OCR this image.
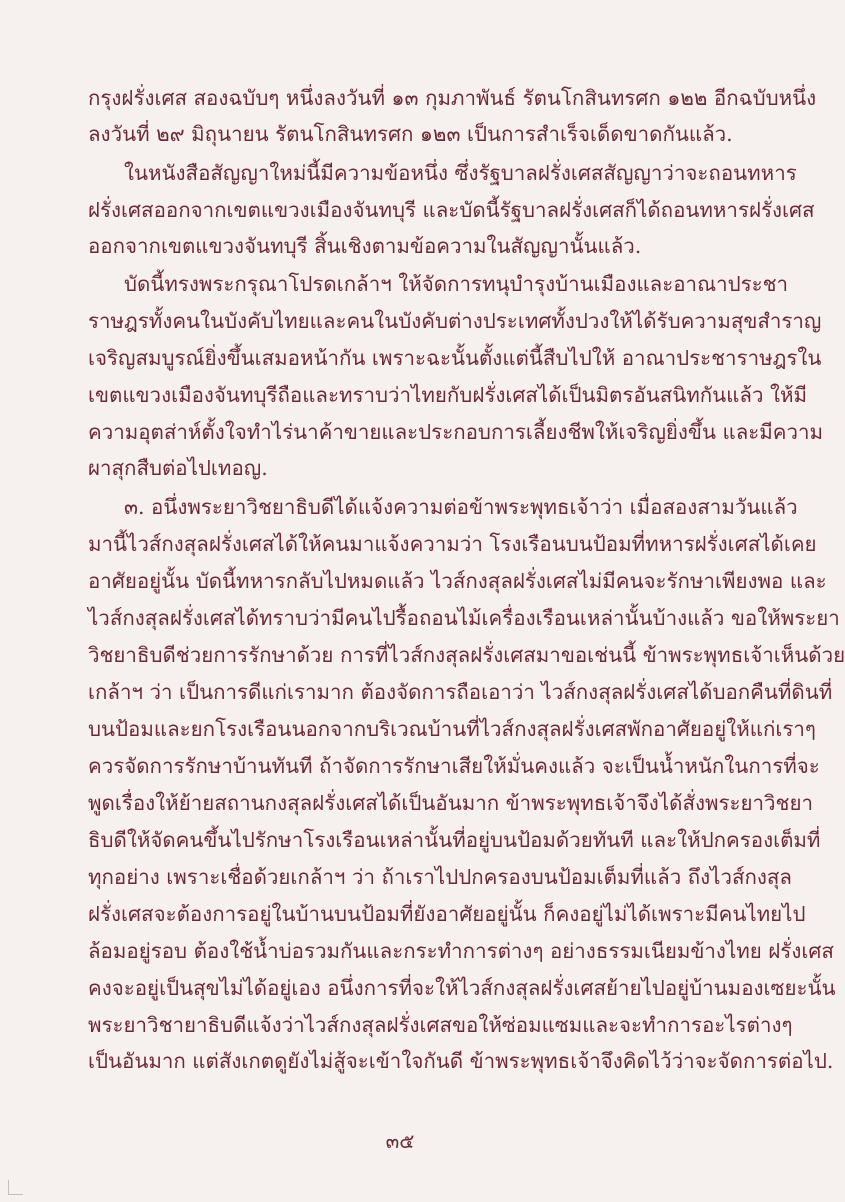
กรุงฝรั่งเศส สองฉบับๆ หนึ่งลงวันที่ ๑๓ กุมภาพันธ์ รัตนโกสินทรศก ๑๒๒ อีกฉบับหนึ่ง
ลงวันที่ ๒๙ มิถุนายน รัตนโกสินทรศก ๑๒๓ เป็นการสำเร็จเด็ดขาดกันแล้ว.
ในหนังสือสัญญาใหม่นี้มีความข้อหนึ่ง ซึ่งรัฐบาลฝรั่งเศสสัญญาว่าจะถอนทหาร
ฝรั่งเศสออกจากเขตแขวงเมืองจันทบุรี และบัดนี้รัฐบาลฝรั่งเศสก็ได้ถอนทหารฝรั่งเศส
ออกจากเขตแขวงจันทบุรี สิ้นเชิงตามข้อความในสัญญานั้นแล้ว.
บัดนี้ทรงพระกรุณาโปรดเกล้าฯ ให้จัดการทนุบำรุงบ้านเมืองและอาณาประชา
ราษฎรทั้งคนในบังคับไทยและคนในบังคับต่างประเทศทั้งปวงให้ได้รับความสุขสำราญ
เจริญสมบูรณ์ยิ่งขึ้นเสมอหน้ากัน เพราะฉะนั้นตั้งแต่นี้สืบไปให้ อาณาประชาราษฎรใน
เขตแขวงเมืองจันทบุรีถือและทราบว่าไทยกับฝรั่งเศสได้เป็นมิตรอันสนิทกันแล้ว ให้มี
ความอุตส่าห์ตั้งใจทำไร่นาค้าขายและประกอบการเลี้ยงชีพให้เจริญยิ่งขึ้น และมีความ
ผาสุกสืบต่อไปเทอญ.
๓. อนึ่งพระยาวิชยาธิบดีได้แจ้งความต่อข้าพระพุทธเจ้าว่า เมื่อสองสามวันแล้ว
มานี้ไวส์กงสุลฝรั่งเศสได้ให้คนมาแจ้งความว่า โรงเรือนบนป้อมที่ทหารฝรั่งเศสได้เคย
อาศัยอยู่นั้น บัดนี้ทหารกลับไปหมดแล้ว ไวส์กงสุลฝรั่งเศสไม่มีคนจะรักษาเพียงพอ และ
ไวส์กงสุลฝรั่งเศสได้ทราบว่ามีคนไปรื้อถอนไม้เครื่องเรือนเหล่านั้นบ้างแล้ว ขอให้พระยา
วิชยาธิบดีช่วยการรักษาด้วย การที่ไวส์กงสุลฝรั่งเศสมาขอเช่นนี้ ข้าพระพุทธเจ้าเห็นด้วย
เกล้าฯ ว่า เป็นการดีแก่เรามาก ต้องจัดการถือเอาว่า ไวส์กงสุลฝรั่งเศสได้บอกคืนที่ดินที่
บนป้อมและยกโรงเรือนนอกจากบริเวณบ้านที่ไวส์กงสุลฝรั่งเศสพักอาศัยอยู่ให้แก่เราๆ
ควรจัดการรักษาบ้านทันที ถ้าจัดการรักษาเสียให้มั่นคงแล้ว จะเป็นน้ำหนักในการที่จะ
พูดเรื่องให้ย้ายสถานกงสุลฝรั่งเศสได้เป็นอันมาก ข้าพระพุทธเจ้าจึงได้สั่งพระยาวิชยา
ธิบดีให้จัดคนขึ้นไปรักษาโรงเรือนเหล่านั้นที่อยู่บนป้อมด้วยทันที และให้ปกครองเต็มที่
ทุกอย่าง เพราะเชื่อด้วยเกล้าฯ ว่า ถ้าเราไปปกครองบนป้อมเต็มที่แล้ว ถึงไวส์กงสุล
ฝรั่งเศสจะต้องการอยู่ในบ้านบนป้อมที่ยังอาศัยอยู่นั้น ก็คงอยู่ไม่ได้เพราะมีคนไทยไป
ล้อมอยู่รอบ ต้องใช้น้ำบ่อรวมกันและกระทำการต่างๆ อย่างธรรมเนียมข้างไทย ฝรั่งเศส
คงจะอยู่เป็นสุขไม่ได้อยู่เอง อนึ่งการที่จะให้ไวส์กงสุลฝรั่งเศสย้ายไปอยู่บ้านมองเซยะนั้น
พระยาวิชายาธิบดีแจ้งว่าไวส์กงสุลฝรั่งเศสขอให้ซ่อมแซมและจะทำการอะไรต่างๆ
เป็นอันมาก แต่สังเกตดูยังไม่สู้จะเข้าใจกันดี ข้าพระพุทธเจ้าจึงคิดไว้ว่าจะจัดการต่อไป.
๓๕
